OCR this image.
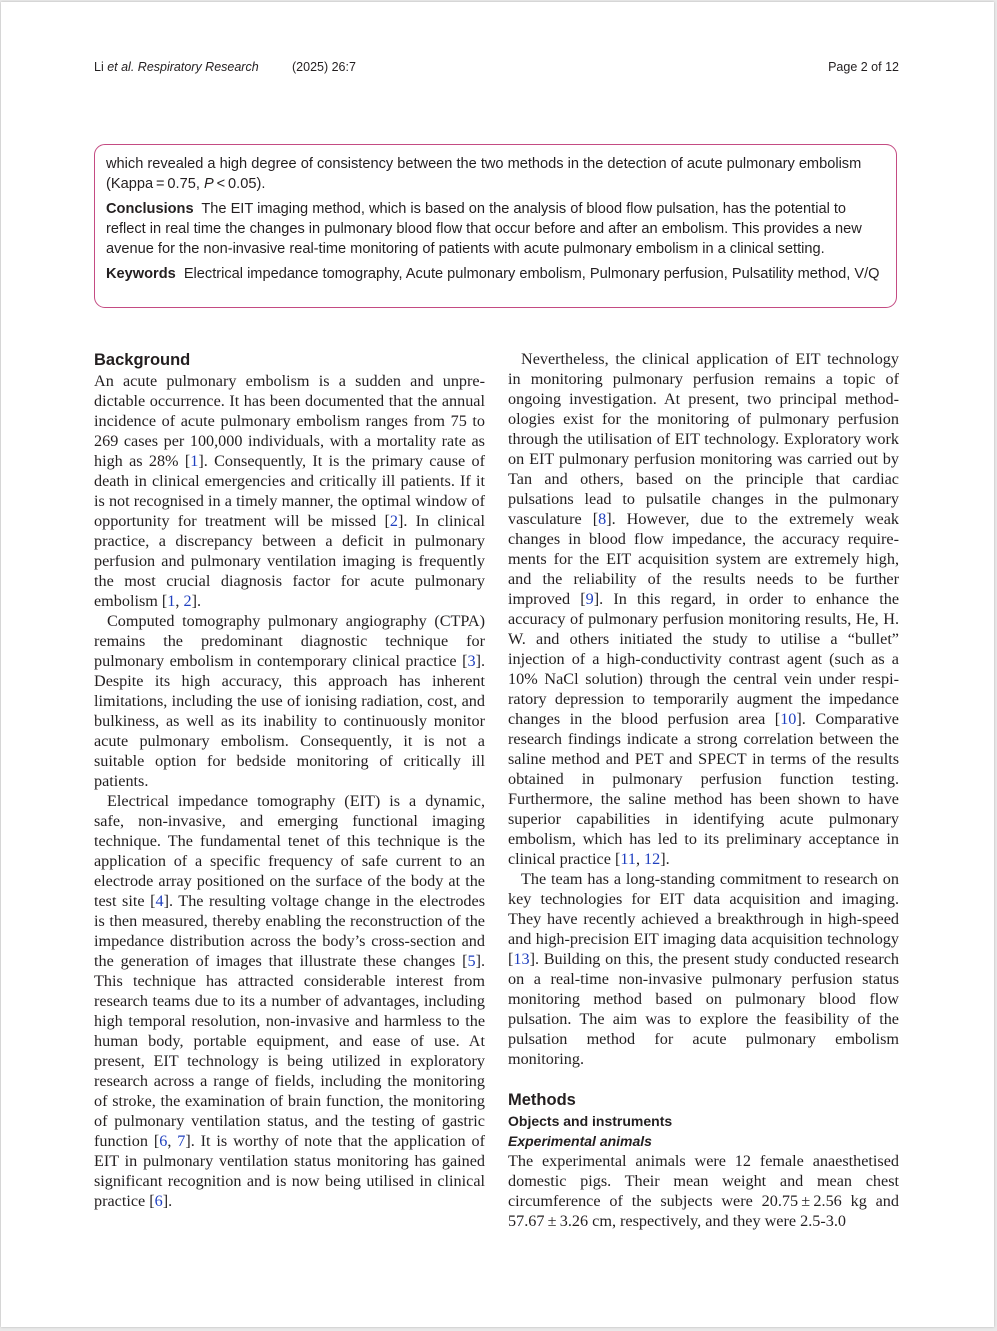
Li et al. Respiratory Research	(2025) 26:7	Page 2 of 12

which revealed a high degree of consistency between the two methods in the detection of acute pulmonary embolism (Kappa = 0.75, P < 0.05).

Conclusions The EIT imaging method, which is based on the analysis of blood flow pulsation, has the potential to reflect in real time the changes in pulmonary blood flow that occur before and after an embolism. This provides a new avenue for the non-invasive real-time monitoring of patients with acute pulmonary embolism in a clinical setting.

Keywords Electrical impedance tomography, Acute pulmonary embolism, Pulmonary perfusion, Pulsatility method, V/Q

Background

An acute pulmonary embolism is a sudden and unpredictable occurrence. It has been documented that the annual incidence of acute pulmonary embolism ranges from 75 to 269 cases per 100,000 individuals, with a mortality rate as high as 28% [1]. Consequently, It is the primary cause of death in clinical emergencies and critically ill patients. If it is not recognised in a timely manner, the optimal window of opportunity for treatment will be missed [2]. In clinical practice, a discrepancy between a deficit in pulmonary perfusion and pulmonary ventilation imaging is frequently the most crucial diagnosis factor for acute pulmonary embolism [1, 2].

Computed tomography pulmonary angiography (CTPA) remains the predominant diagnostic technique for pulmonary embolism in contemporary clinical practice [3]. Despite its high accuracy, this approach has inherent limitations, including the use of ionising radiation, cost, and bulkiness, as well as its inability to continuously monitor acute pulmonary embolism. Consequently, it is not a suitable option for bedside monitoring of critically ill patients.

Electrical impedance tomography (EIT) is a dynamic, safe, non-invasive, and emerging functional imaging technique. The fundamental tenet of this technique is the application of a specific frequency of safe current to an electrode array positioned on the surface of the body at the test site [4]. The resulting voltage change in the electrodes is then measured, thereby enabling the reconstruction of the impedance distribution across the body’s cross-section and the generation of images that illustrate these changes [5]. This technique has attracted considerable interest from research teams due to its a number of advantages, including high temporal resolution, non-invasive and harmless to the human body, portable equipment, and ease of use. At present, EIT technology is being utilized in exploratory research across a range of fields, including the monitoring of stroke, the examination of brain function, the monitoring of pulmonary ventilation status, and the testing of gastric function [6, 7]. It is worthy of note that the application of EIT in pulmonary ventilation status monitoring has gained significant recognition and is now being utilised in clinical practice [6].

Nevertheless, the clinical application of EIT technology in monitoring pulmonary perfusion remains a topic of ongoing investigation. At present, two principal methodologies exist for the monitoring of pulmonary perfusion through the utilisation of EIT technology. Exploratory work on EIT pulmonary perfusion monitoring was carried out by Tan and others, based on the principle that cardiac pulsations lead to pulsatile changes in the pulmonary vasculature [8]. However, due to the extremely weak changes in blood flow impedance, the accuracy requirements for the EIT acquisition system are extremely high, and the reliability of the results needs to be further improved [9]. In this regard, in order to enhance the accuracy of pulmonary perfusion monitoring results, He, H. W. and others initiated the study to utilise a “bullet” injection of a high-conductivity contrast agent (such as a 10% NaCl solution) through the central vein under respiratory depression to temporarily augment the impedance changes in the blood perfusion area [10]. Comparative research findings indicate a strong correlation between the saline method and PET and SPECT in terms of the results obtained in pulmonary perfusion function testing. Furthermore, the saline method has been shown to have superior capabilities in identifying acute pulmonary embolism, which has led to its preliminary acceptance in clinical practice [11, 12].

The team has a long-standing commitment to research on key technologies for EIT data acquisition and imaging. They have recently achieved a breakthrough in high-speed and high-precision EIT imaging data acquisition technology [13]. Building on this, the present study conducted research on a real-time non-invasive pulmonary perfusion status monitoring method based on pulmonary blood flow pulsation. The aim was to explore the feasibility of the pulsation method for acute pulmonary embolism monitoring.

Methods
Objects and instruments
Experimental animals

The experimental animals were 12 female anaesthetised domestic pigs. Their mean weight and mean chest circumference of the subjects were 20.75 ± 2.56 kg and 57.67 ± 3.26 cm, respectively, and they were 2.5-3.0
